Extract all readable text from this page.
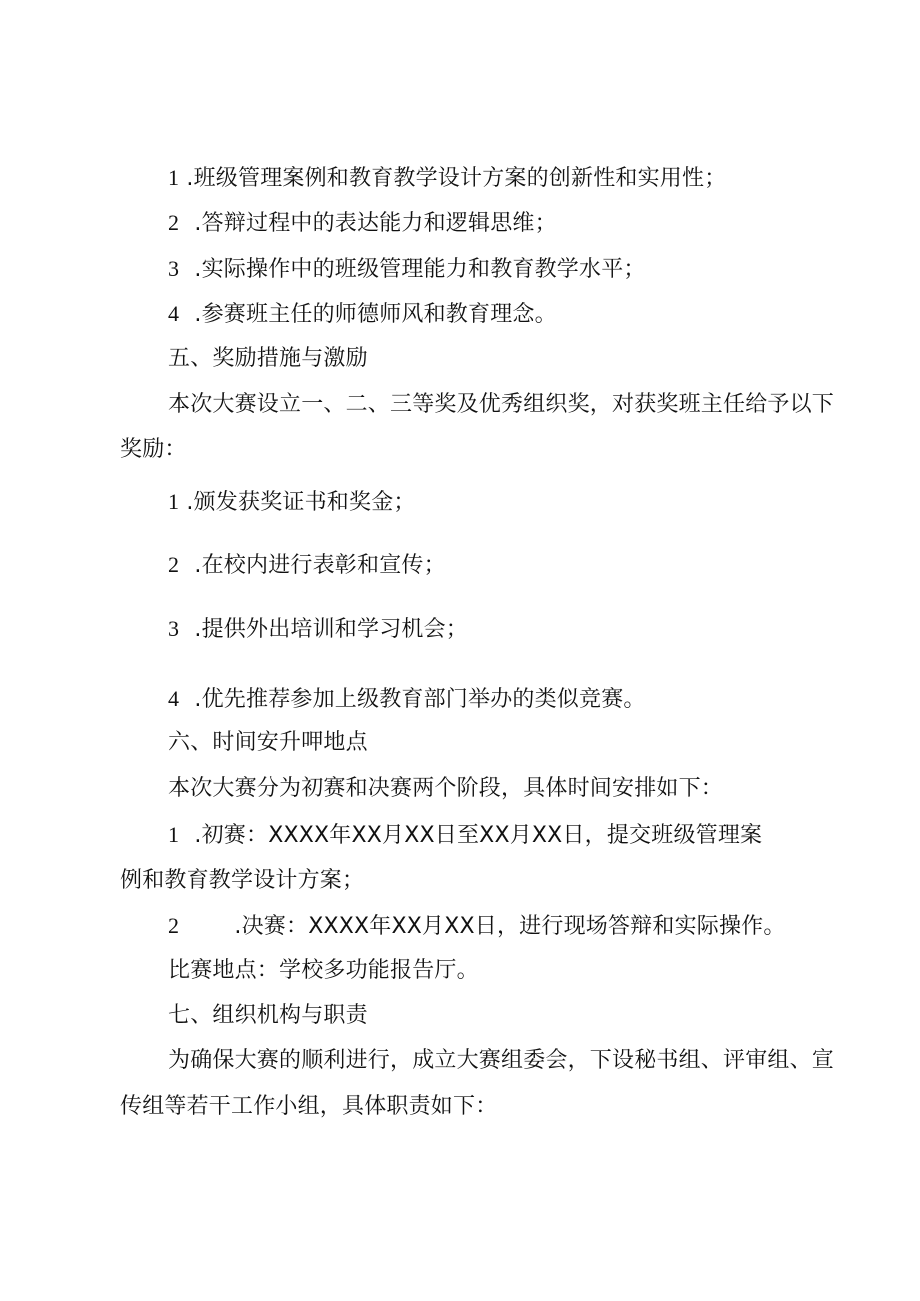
1 .班级管理案例和教育教学设计方案的创新性和实用性；
2 .答辩过程中的表达能力和逻辑思维；
3 .实际操作中的班级管理能力和教育教学水平；
4 .参赛班主任的师德师风和教育理念。
五、奖励措施与激励
本次大赛设立一、二、三等奖及优秀组织奖，对获奖班主任给予以下
奖励：
1 .颁发获奖证书和奖金；
2 .在校内进行表彰和宣传；
3 .提供外出培训和学习机会；
4 .优先推荐参加上级教育部门举办的类似竞赛。
六、时间安升呷地点
本次大赛分为初赛和决赛两个阶段，具体时间安排如下：
1 .初赛：XXXX年XX月XX日至XX月XX日，提交班级管理案
例和教育教学设计方案；
2	.决赛：XXXX年XX月XX日，进行现场答辩和实际操作。
比赛地点：学校多功能报告厅。
七、组织机构与职责
为确保大赛的顺利进行，成立大赛组委会，下设秘书组、评审组、宣
传组等若干工作小组，具体职责如下：
